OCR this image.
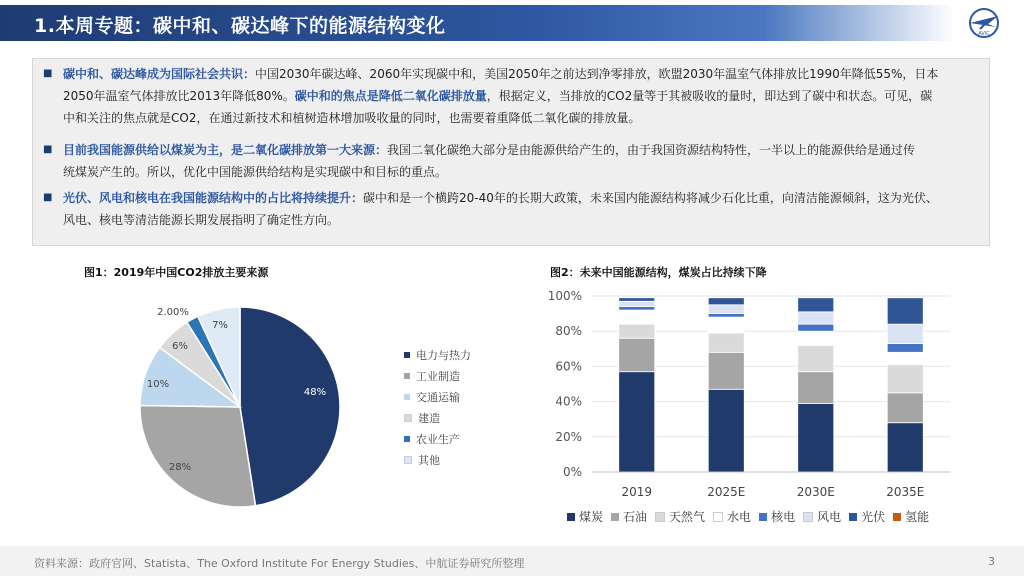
1.本周专题：碳中和、碳达峰下的能源结构变化	AVIC
■ 碳中和、碳达峰成为国际社会共识：中国2030年碳达峰、2060年实现碳中和，美国2050年之前达到净零排放，欧盟2030年温室气体排放比1990年降低55%，日本
2050年温室气体排放比2013年降低80%。碳中和的焦点是降低二氧化碳排放量，根据定义，当排放的CO2量等于其被吸收的量时，即达到了碳中和状态。可见，碳
中和关注的焦点就是CO2，在通过新技术和植树造林增加吸收量的同时，也需要着重降低二氧化碳的排放量。
■ 目前我国能源供给以煤炭为主，是二氧化碳排放第一大来源：我国二氧化碳绝大部分是由能源供给产生的，由于我国资源结构特性，一半以上的能源供给是通过传
统煤炭产生的。所以，优化中国能源供给结构是实现碳中和目标的重点。
■ 光伏、风电和核电在我国能源结构中的占比将持续提升：碳中和是一个横跨20-40年的长期大政策，未来国内能源结构将减少石化比重，向清洁能源倾斜，这为光伏、
风电、核电等清洁能源长期发展指明了确定性方向。
图1：2019年中国CO2排放主要来源	图2：未来中国能源结构，煤炭占比持续下降
48%
28%
10%
6%
2.00%
7%
电力与热力
工业制造
交通运输
建造
农业生产
其他
0%
20%
40%
60%
80%
100%
2019	2025E	2030E	2035E
煤炭 石油 天然气 水电 核电 风电 光伏 氢能
资料来源：政府官网、Statista、The Oxford Institute For Energy Studies、中航证券研究所整理	3
